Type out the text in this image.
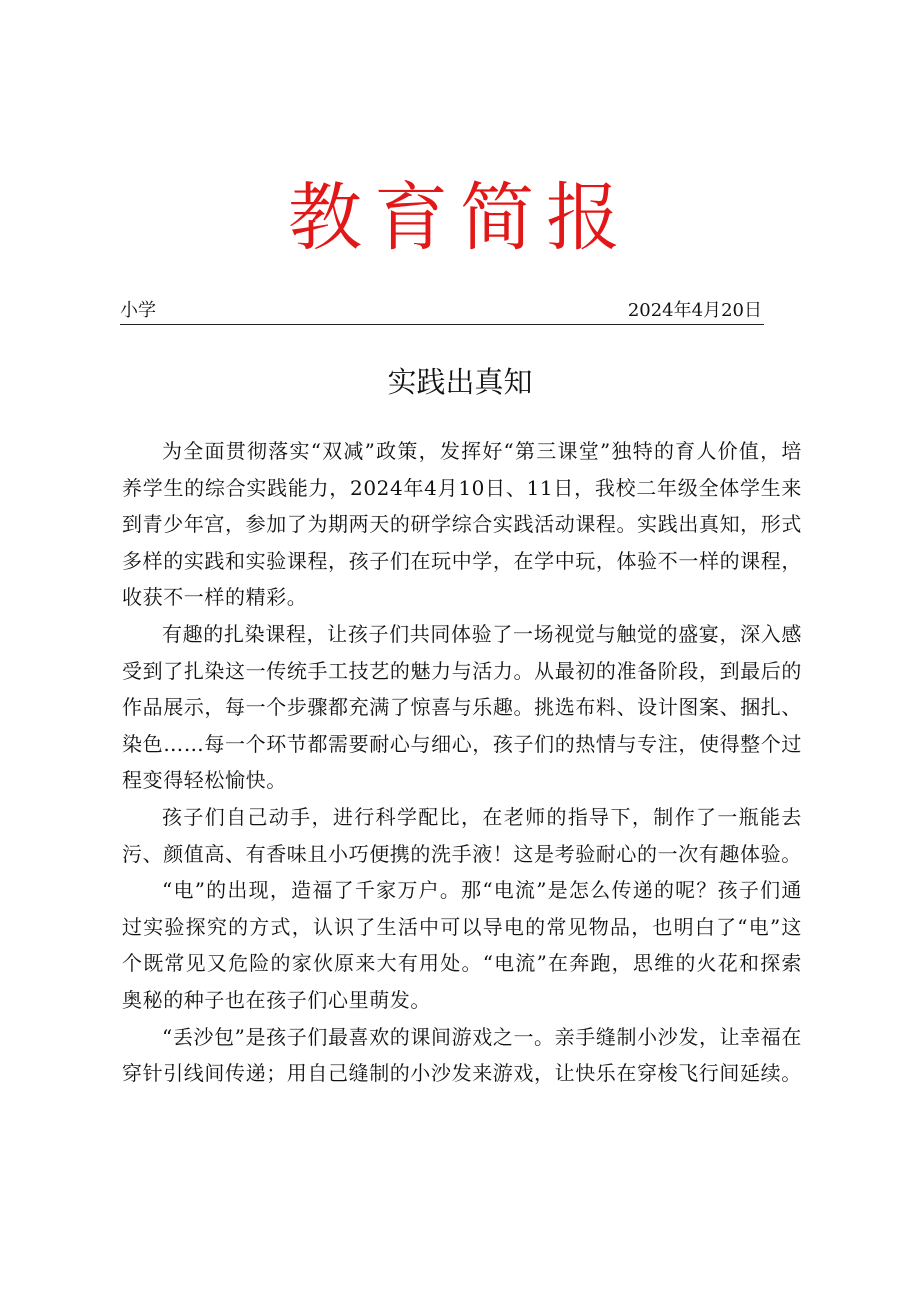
教育简报
小学	2024年4月20日
实践出真知

为全面贯彻落实“双减”政策，发挥好“第三课堂”独特的育人价值，培养学生的综合实践能力，2024年4月10日、11日，我校二年级全体学生来到青少年宫，参加了为期两天的研学综合实践活动课程。实践出真知，形式多样的实践和实验课程，孩子们在玩中学，在学中玩，体验不一样的课程，收获不一样的精彩。

有趣的扎染课程，让孩子们共同体验了一场视觉与触觉的盛宴，深入感受到了扎染这一传统手工技艺的魅力与活力。从最初的准备阶段，到最后的作品展示，每一个步骤都充满了惊喜与乐趣。挑选布料、设计图案、捆扎、染色……每一个环节都需要耐心与细心，孩子们的热情与专注，使得整个过程变得轻松愉快。

孩子们自己动手，进行科学配比，在老师的指导下，制作了一瓶能去污、颜值高、有香味且小巧便携的洗手液！这是考验耐心的一次有趣体验。

“电”的出现，造福了千家万户。那“电流”是怎么传递的呢？孩子们通过实验探究的方式，认识了生活中可以导电的常见物品，也明白了“电”这个既常见又危险的家伙原来大有用处。“电流”在奔跑，思维的火花和探索奥秘的种子也在孩子们心里萌发。

“丢沙包”是孩子们最喜欢的课间游戏之一。亲手缝制小沙发，让幸福在穿针引线间传递；用自己缝制的小沙发来游戏，让快乐在穿梭飞行间延续。
